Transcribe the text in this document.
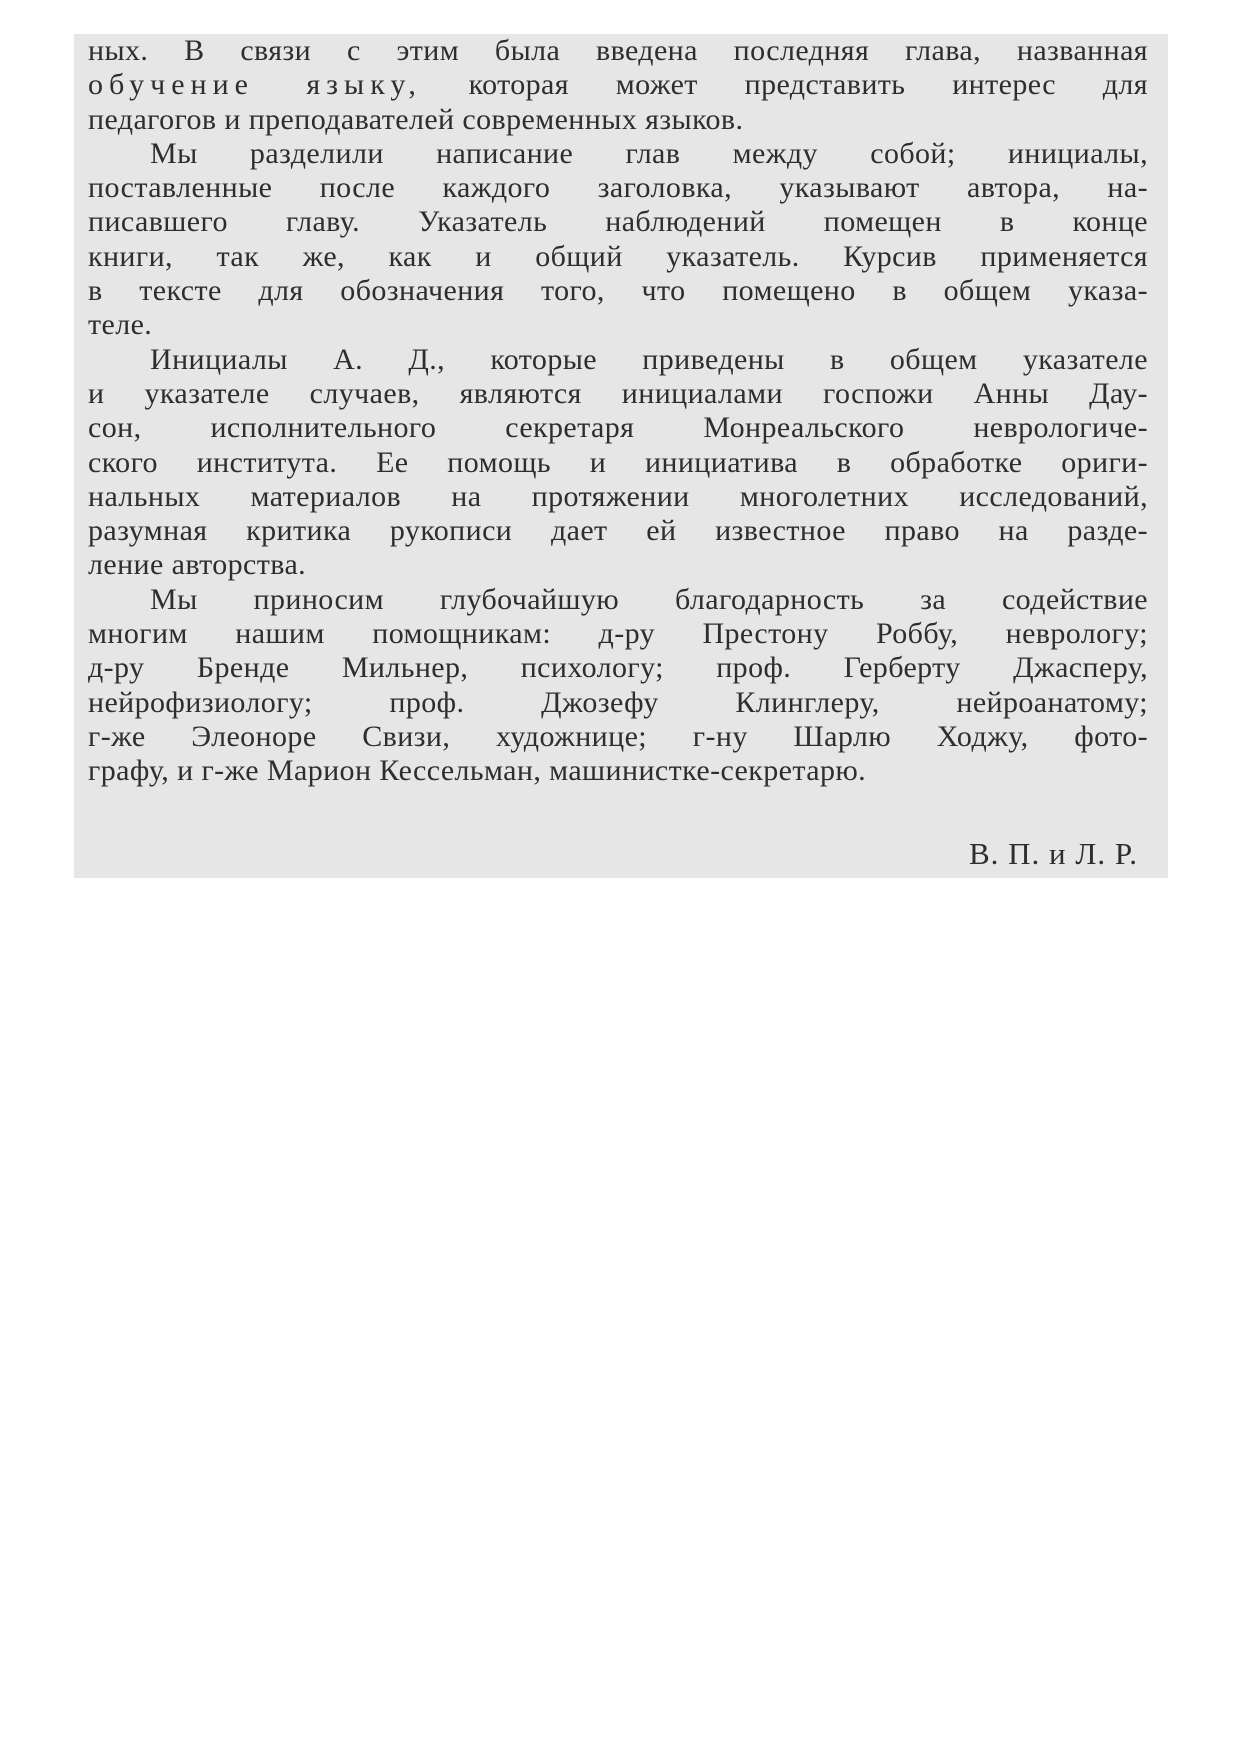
ных. В связи с этим была введена последняя глава, названная
обучение языку, которая может представить интерес для
педагогов и преподавателей современных языков.
Мы разделили написание глав между собой; инициалы,
поставленные после каждого заголовка, указывают автора, на-
писавшего главу. Указатель наблюдений помещен в конце
книги, так же, как и общий указатель. Курсив применяется
в тексте для обозначения того, что помещено в общем указа-
теле.
Инициалы А. Д., которые приведены в общем указателе
и указателе случаев, являются инициалами госпожи Анны Дау-
сон, исполнительного секретаря Монреальского неврологиче-
ского института. Ее помощь и инициатива в обработке ориги-
нальных материалов на протяжении многолетних исследований,
разумная критика рукописи дает ей известное право на разде-
ление авторства.
Мы приносим глубочайшую благодарность за содействие
многим нашим помощникам: д-ру Престону Роббу, неврологу;
д-ру Бренде Мильнер, психологу; проф. Герберту Джасперу,
нейрофизиологу; проф. Джозефу Клинглеру, нейроанатому;
г-же Элеоноре Свизи, художнице; г-ну Шарлю Ходжу, фото-
графу, и г-же Марион Кессельман, машинистке-секретарю.
В. П. и Л. Р.
